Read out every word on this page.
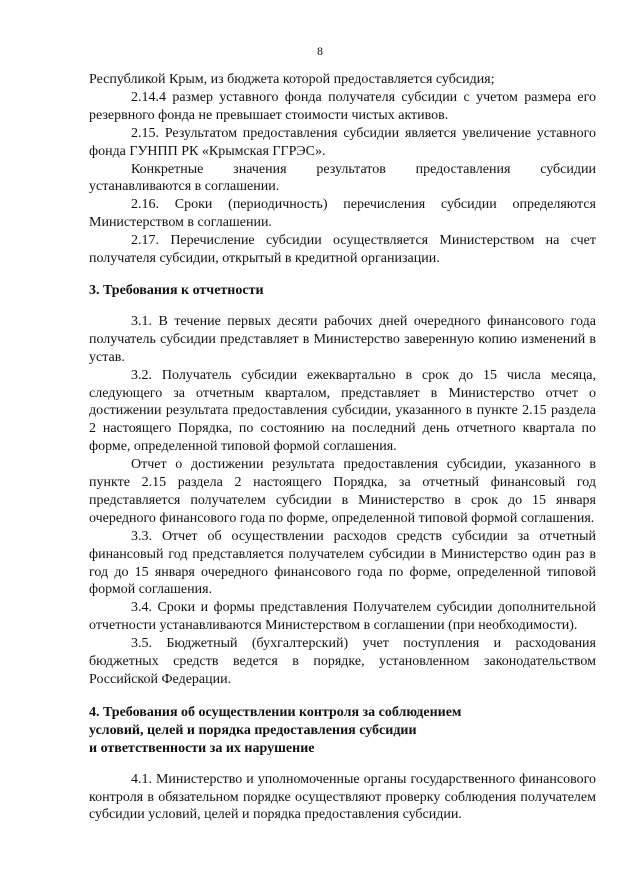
8

Республикой Крым, из бюджета которой предоставляется субсидия;

2.14.4 размер уставного фонда получателя субсидии с учетом размера его резервного фонда не превышает стоимости чистых активов.

2.15. Результатом предоставления субсидии является увеличение уставного фонда ГУНПП РК «Крымская ГГРЭС».

Конкретные значения результатов предоставления субсидии устанавливаются в соглашении.

2.16. Сроки (периодичность) перечисления субсидии определяются Министерством в соглашении.

2.17. Перечисление субсидии осуществляется Министерством на счет получателя субсидии, открытый в кредитной организации.

3. Требования к отчетности

3.1. В течение первых десяти рабочих дней очередного финансового года получатель субсидии представляет в Министерство заверенную копию изменений в устав.

3.2. Получатель субсидии ежеквартально в срок до 15 числа месяца, следующего за отчетным кварталом, представляет в Министерство отчет о достижении результата предоставления субсидии, указанного в пункте 2.15 раздела 2 настоящего Порядка, по состоянию на последний день отчетного квартала по форме, определенной типовой формой соглашения.

Отчет о достижении результата предоставления субсидии, указанного в пункте 2.15 раздела 2 настоящего Порядка, за отчетный финансовый год представляется получателем субсидии в Министерство в срок до 15 января очередного финансового года по форме, определенной типовой формой соглашения.

3.3. Отчет об осуществлении расходов средств субсидии за отчетный финансовый год представляется получателем субсидии в Министерство один раз в год до 15 января очередного финансового года по форме, определенной типовой формой соглашения.

3.4. Сроки и формы представления Получателем субсидии дополнительной отчетности устанавливаются Министерством в соглашении (при необходимости).

3.5. Бюджетный (бухгалтерский) учет поступления и расходования бюджетных средств ведется в порядке, установленном законодательством Российской Федерации.

4. Требования об осуществлении контроля за соблюдением
условий, целей и порядка предоставления субсидии
и ответственности за их нарушение

4.1. Министерство и уполномоченные органы государственного финансового контроля в обязательном порядке осуществляют проверку соблюдения получателем субсидии условий, целей и порядка предоставления субсидии.
